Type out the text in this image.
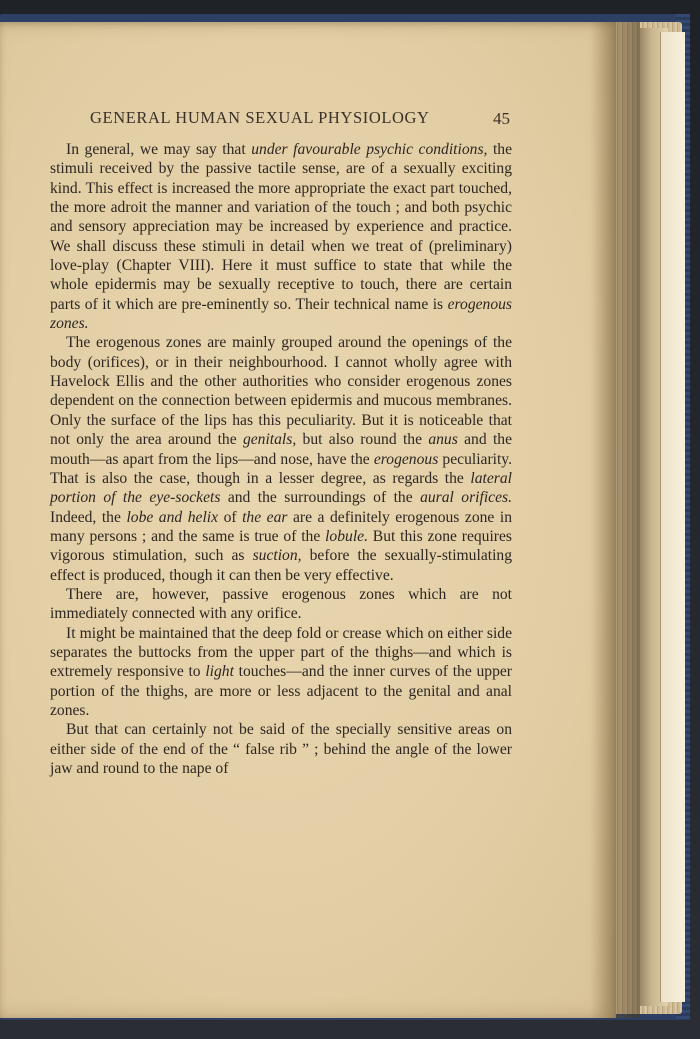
GENERAL HUMAN SEXUAL PHYSIOLOGY	45

In general, we may say that under favourable psychic conditions, the stimuli received by the passive tactile sense, are of a sexually exciting kind. This effect is increased the more appropriate the exact part touched, the more adroit the manner and variation of the touch ; and both psychic and sensory appreciation may be increased by experience and practice. We shall discuss these stimuli in detail when we treat of (preliminary) love-play (Chapter VIII). Here it must suffice to state that while the whole epidermis may be sexually receptive to touch, there are certain parts of it which are pre-eminently so. Their technical name is erogenous zones.

The erogenous zones are mainly grouped around the openings of the body (orifices), or in their neighbourhood. I cannot wholly agree with Havelock Ellis and the other authorities who consider erogenous zones dependent on the connection between epidermis and mucous membranes. Only the surface of the lips has this peculiarity. But it is noticeable that not only the area around the genitals, but also round the anus and the mouth—as apart from the lips—and nose, have the erogenous peculiarity. That is also the case, though in a lesser degree, as regards the lateral portion of the eye-sockets and the surroundings of the aural orifices. Indeed, the lobe and helix of the ear are a definitely erogenous zone in many persons ; and the same is true of the lobule. But this zone requires vigorous stimulation, such as suction, before the sexually-stimulating effect is produced, though it can then be very effective.

There are, however, passive erogenous zones which are not immediately connected with any orifice.

It might be maintained that the deep fold or crease which on either side separates the buttocks from the upper part of the thighs—and which is extremely responsive to light touches—and the inner curves of the upper portion of the thighs, are more or less adjacent to the genital and anal zones.

But that can certainly not be said of the specially sensitive areas on either side of the end of the “ false rib ” ; behind the angle of the lower jaw and round to the nape of
